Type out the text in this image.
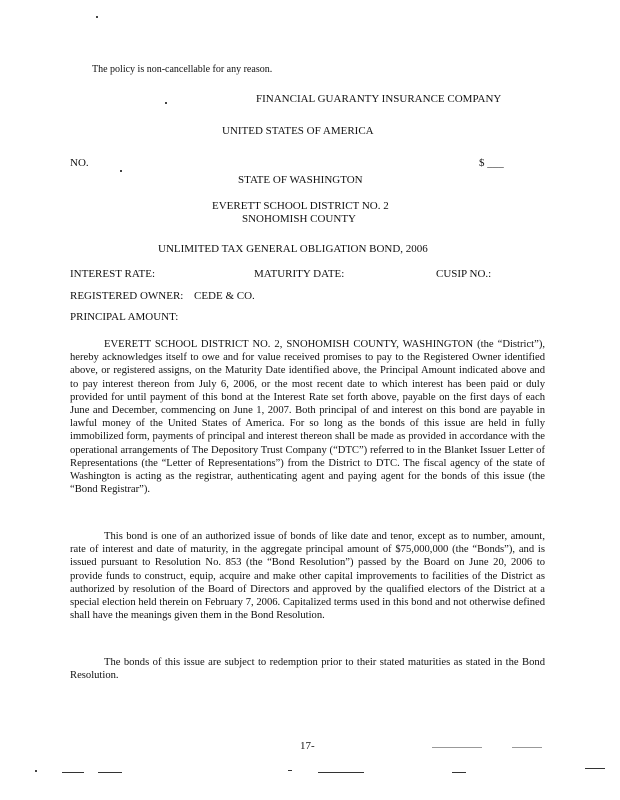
The policy is non-cancellable for any reason.
FINANCIAL GUARANTY INSURANCE COMPANY
UNITED STATES OF AMERICA
NO.	$ ___
STATE OF WASHINGTON
EVERETT SCHOOL DISTRICT NO. 2
SNOHOMISH COUNTY
UNLIMITED TAX GENERAL OBLIGATION BOND, 2006
INTEREST RATE:	MATURITY DATE:	CUSIP NO.:
REGISTERED OWNER: CEDE & CO.
PRINCIPAL AMOUNT:
EVERETT SCHOOL DISTRICT NO. 2, SNOHOMISH COUNTY, WASHINGTON (the “District”), hereby acknowledges itself to owe and for value received promises to pay to the Registered Owner identified above, or registered assigns, on the Maturity Date identified above, the Principal Amount indicated above and to pay interest thereon from July 6, 2006, or the most recent date to which interest has been paid or duly provided for until payment of this bond at the Interest Rate set forth above, payable on the first days of each June and December, commencing on June 1, 2007. Both principal of and interest on this bond are payable in lawful money of the United States of America. For so long as the bonds of this issue are held in fully immobilized form, payments of principal and interest thereon shall be made as provided in accordance with the operational arrangements of The Depository Trust Company (“DTC”) referred to in the Blanket Issuer Letter of Representations (the “Letter of Representations”) from the District to DTC. The fiscal agency of the state of Washington is acting as the registrar, authenticating agent and paying agent for the bonds of this issue (the “Bond Registrar”).
This bond is one of an authorized issue of bonds of like date and tenor, except as to number, amount, rate of interest and date of maturity, in the aggregate principal amount of $75,000,000 (the “Bonds”), and is issued pursuant to Resolution No. 853 (the “Bond Resolution”) passed by the Board on June 20, 2006 to provide funds to construct, equip, acquire and make other capital improvements to facilities of the District as authorized by resolution of the Board of Directors and approved by the qualified electors of the District at a special election held therein on February 7, 2006. Capitalized terms used in this bond and not otherwise defined shall have the meanings given them in the Bond Resolution.
The bonds of this issue are subject to redemption prior to their stated maturities as stated in the Bond Resolution.
17-
